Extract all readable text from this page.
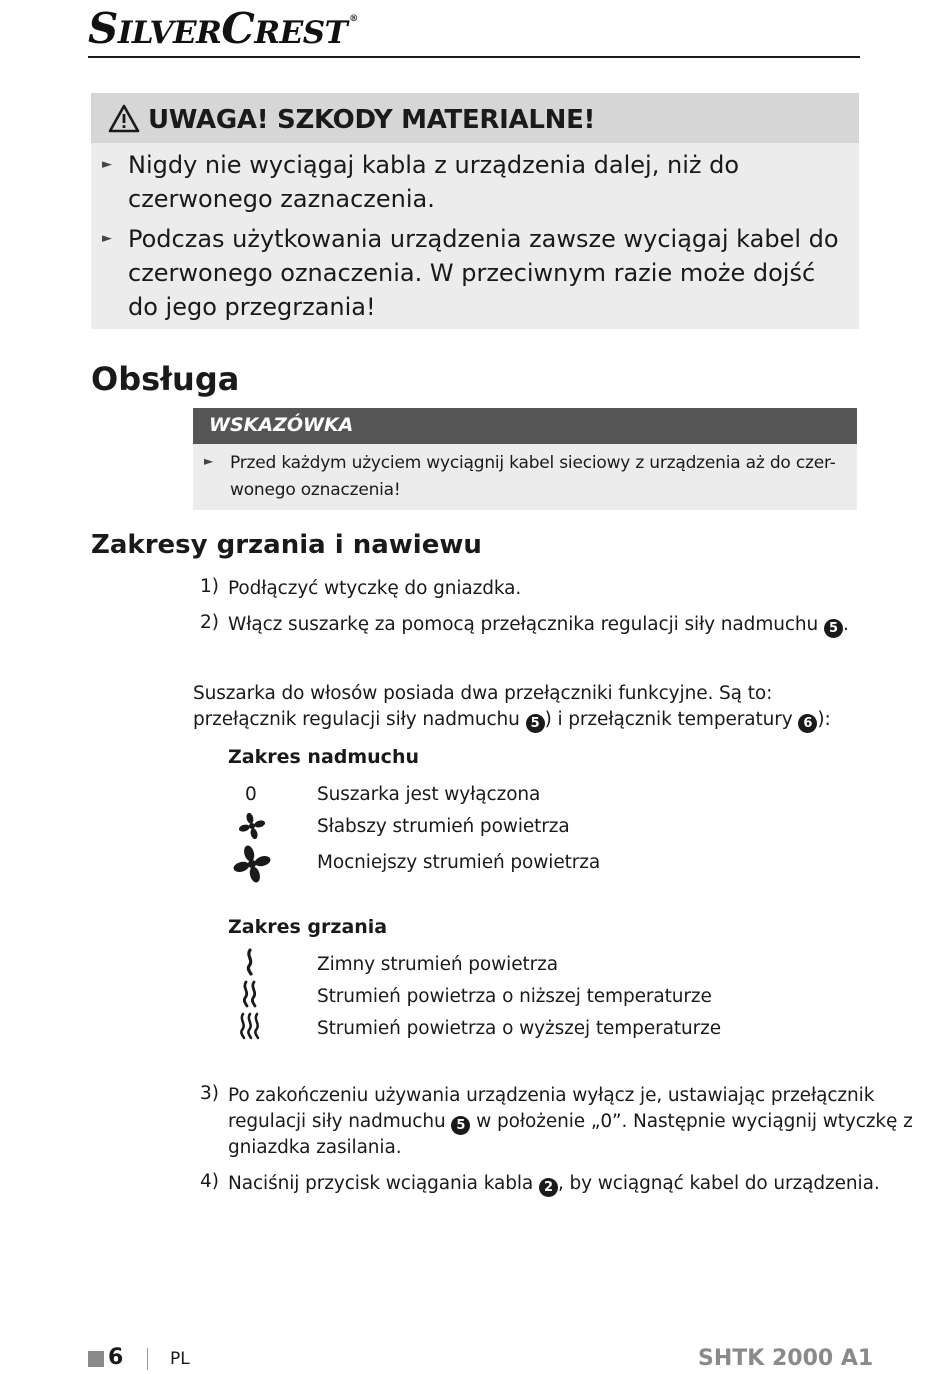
SILVERCREST ®
UWAGA! SZKODY MATERIALNE!
► Nigdy nie wyciągaj kabla z urządzenia dalej, niż do czerwonego zaznaczenia.
► Podczas użytkowania urządzenia zawsze wyciągaj kabel do czerwonego oznaczenia. W przeciwnym razie może dojść do jego przegrzania!
Obsługa
WSKAZÓWKA
► Przed każdym użyciem wyciągnij kabel sieciowy z urządzenia aż do czer-wonego oznaczenia!
Zakresy grzania i nawiewu
1) Podłączyć wtyczkę do gniazdka.
2) Włącz suszarkę za pomocą przełącznika regulacji siły nadmuchu 5 .
Suszarka do włosów posiada dwa przełączniki funkcyjne. Są to: przełącznik regulacji siły nadmuchu 5 ) i przełącznik temperatury 6 ):
Zakres nadmuchu
0	Suszarka jest wyłączona
Słabszy strumień powietrza
Mocniejszy strumień powietrza
Zakres grzania
Zimny strumień powietrza
Strumień powietrza o niższej temperaturze
Strumień powietrza o wyższej temperaturze
3) Po zakończeniu używania urządzenia wyłącz je, ustawiając przełącznik
regulacji siły nadmuchu 5 w położenie „0”. Następnie wyciągnij wtyczkę z
gniazdka zasilania.
4) Naciśnij przycisk wciągania kabla 2 , by wciągnąć kabel do urządzenia.
6	PL	SHTK 2000 A1
